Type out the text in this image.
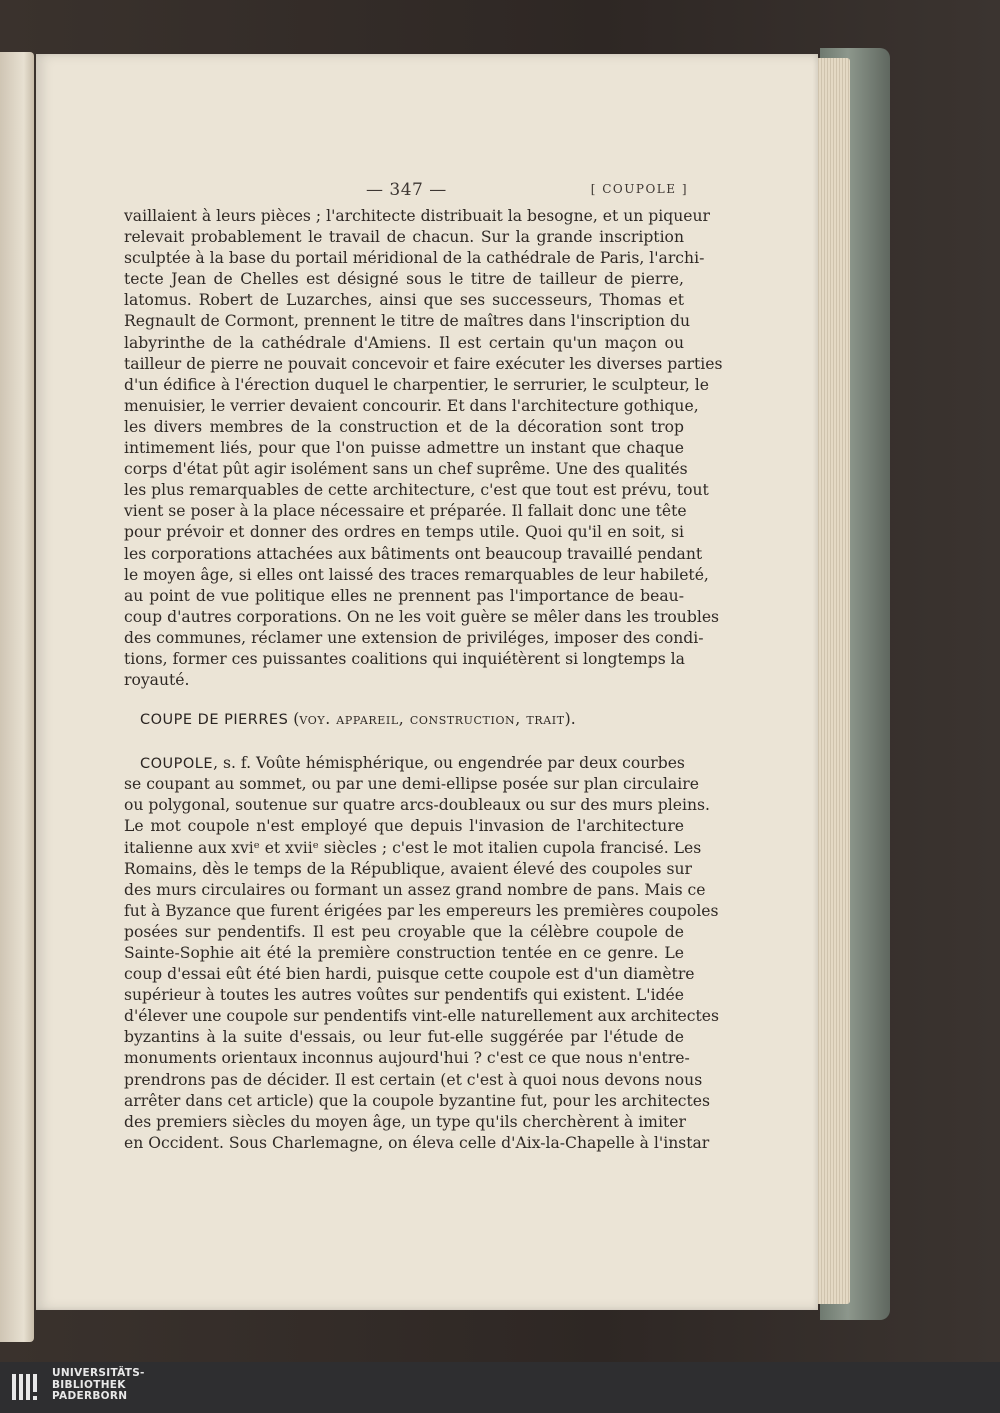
— 347 —	[ COUPOLE ]
vaillaient à leurs pièces ; l'architecte distribuait la besogne, et un piqueur
relevait probablement le travail de chacun. Sur la grande inscription
sculptée à la base du portail méridional de la cathédrale de Paris, l'archi-
tecte Jean de Chelles est désigné sous le titre de tailleur de pierre,
latomus. Robert de Luzarches, ainsi que ses successeurs, Thomas et
Regnault de Cormont, prennent le titre de maîtres dans l'inscription du
labyrinthe de la cathédrale d'Amiens. Il est certain qu'un maçon ou
tailleur de pierre ne pouvait concevoir et faire exécuter les diverses parties
d'un édifice à l'érection duquel le charpentier, le serrurier, le sculpteur, le
menuisier, le verrier devaient concourir. Et dans l'architecture gothique,
les divers membres de la construction et de la décoration sont trop
intimement liés, pour que l'on puisse admettre un instant que chaque
corps d'état pût agir isolément sans un chef suprême. Une des qualités
les plus remarquables de cette architecture, c'est que tout est prévu, tout
vient se poser à la place nécessaire et préparée. Il fallait donc une tête
pour prévoir et donner des ordres en temps utile. Quoi qu'il en soit, si
les corporations attachées aux bâtiments ont beaucoup travaillé pendant
le moyen âge, si elles ont laissé des traces remarquables de leur habileté,
au point de vue politique elles ne prennent pas l'importance de beau-
coup d'autres corporations. On ne les voit guère se mêler dans les troubles
des communes, réclamer une extension de priviléges, imposer des condi-
tions, former ces puissantes coalitions qui inquiétèrent si longtemps la
royauté.
COUPE DE PIERRES (voy. appareil, construction, trait).
COUPOLE, s. f. Voûte hémisphérique, ou engendrée par deux courbes
se coupant au sommet, ou par une demi-ellipse posée sur plan circulaire
ou polygonal, soutenue sur quatre arcs-doubleaux ou sur des murs pleins.
Le mot coupole n'est employé que depuis l'invasion de l'architecture
italienne aux xviᵉ et xviiᵉ siècles ; c'est le mot italien cupola francisé. Les
Romains, dès le temps de la République, avaient élevé des coupoles sur
des murs circulaires ou formant un assez grand nombre de pans. Mais ce
fut à Byzance que furent érigées par les empereurs les premières coupoles
posées sur pendentifs. Il est peu croyable que la célèbre coupole de
Sainte-Sophie ait été la première construction tentée en ce genre. Le
coup d'essai eût été bien hardi, puisque cette coupole est d'un diamètre
supérieur à toutes les autres voûtes sur pendentifs qui existent. L'idée
d'élever une coupole sur pendentifs vint-elle naturellement aux architectes
byzantins à la suite d'essais, ou leur fut-elle suggérée par l'étude de
monuments orientaux inconnus aujourd'hui ? c'est ce que nous n'entre-
prendrons pas de décider. Il est certain (et c'est à quoi nous devons nous
arrêter dans cet article) que la coupole byzantine fut, pour les architectes
des premiers siècles du moyen âge, un type qu'ils cherchèrent à imiter
en Occident. Sous Charlemagne, on éleva celle d'Aix-la-Chapelle à l'instar
UNIVERSITÄTS-
BIBLIOTHEK
PADERBORN
